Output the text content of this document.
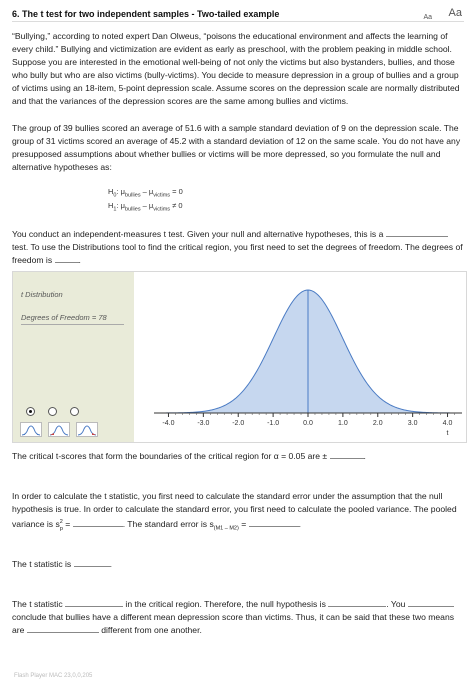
6. The t test for two independent samples - Two-tailed example	Aa Aa

“Bullying,” according to noted expert Dan Olweus, “poisons the educational environment and affects the learning of every child.” Bullying and victimization are evident as early as preschool, with the problem peaking in middle school. Suppose you are interested in the emotional well-being of not only the victims but also bystanders, bullies, and those who bully but who are also victims (bully-victims). You decide to measure depression in a group of bullies and a group of victims using an 18-item, 5-point depression scale. Assume scores on the depression scale are normally distributed and that the variances of the depression scores are the same among bullies and victims.

The group of 39 bullies scored an average of 51.6 with a sample standard deviation of 9 on the depression scale. The group of 31 victims scored an average of 45.2 with a standard deviation of 12 on the same scale. You do not have any presupposed assumptions about whether bullies or victims will be more depressed, so you formulate the null and alternative hypotheses as:

$H_0$: $\mu_{bullies} - \mu_{victims} = 0$
$H_1$: $\mu_{bullies} - \mu_{victims} \ne 0$

You conduct an independent-measures t test. Given your null and alternative hypotheses, this is a  test. To use the Distributions tool to find the critical region, you first need to set the degrees of freedom. The degrees of freedom is	.

t Distribution
Degrees of Freedom = 78
-4.0	-3.0	-2.0	-1.0	0.0	1.0	2.0	3.0	4.0
t

The critical t-scores that form the boundaries of the critical region for α = 0.05 are ±	.

In order to calculate the t statistic, you first need to calculate the standard error under the assumption that the null hypothesis is true. In order to calculate the standard error, you first need to calculate the pooled variance. The pooled variance is $s^2_p$ =	. The standard error is $s_{(M1 - M2)}$ =	.

The t statistic is	.

The t statistic	in the critical region. Therefore, the null hypothesis is	. You  conclude that bullies have a different mean depression score than victims. Thus, it can be said that these two means are	different from one another.

Flash Player MAC 23,0,0,205
